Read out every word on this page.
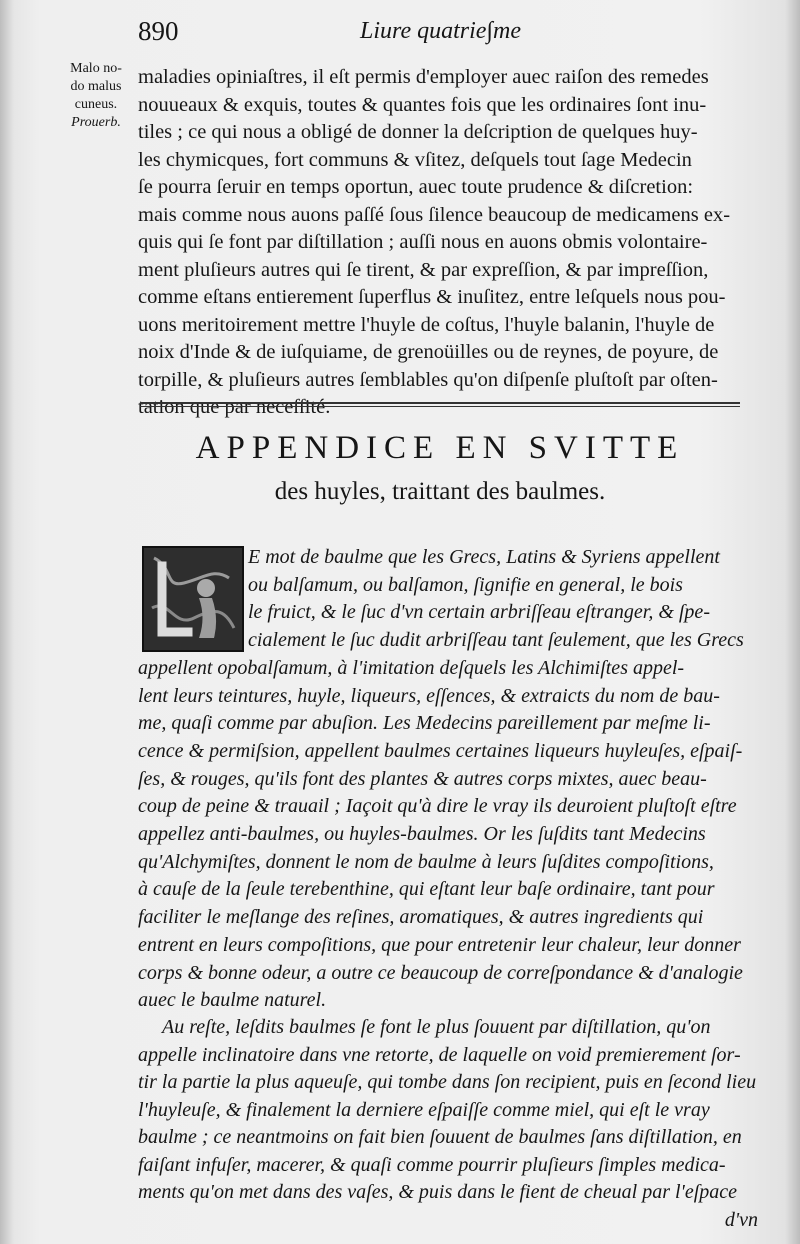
890	Liure quatrie∫me
Malo no-
do malus
cuneus.
Prouerb.

maladies opiniaſtres, il eſt permis d'employer auec raiſon des remedes
nouueaux & exquis, toutes & quantes fois que les ordinaires ſont inu-
tiles ; ce qui nous a obligé de donner la deſcription de quelques huy-
les chymicques, fort communs & vſitez, deſquels tout ſage Medecin
ſe pourra ſeruir en temps oportun, auec toute prudence & diſcretion:
mais comme nous auons paſſé ſous ſilence beaucoup de medicamens ex-
quis qui ſe font par diſtillation ; auſſi nous en auons obmis volontaire-
ment pluſieurs autres qui ſe tirent, & par expreſſion, & par impreſſion,
comme eſtans entierement ſuperflus & inuſitez, entre leſquels nous pou-
uons meritoirement mettre l'huyle de coſtus, l'huyle balanin, l'huyle de
noix d'Inde & de iuſquiame, de grenoüilles ou de reynes, de poyure, de
torpille, & pluſieurs autres ſemblables qu'on diſpenſe pluſtoſt par oſten-
tation que par neceſſité.

APPENDICE EN SVITTE
des huyles, traittant des baulmes.

E mot de baulme que les Grecs, Latins & Syriens appellent
ou balſamum, ou balſamon, ſignifie en general, le bois
le fruict, & le ſuc d'vn certain arbriſſeau eſtranger, & ſpe-
cialement le ſuc dudit arbriſſeau tant ſeulement, que les Grecs
appellent opobalſamum, à l'imitation deſquels les Alchimiſtes appel-
lent leurs teintures, huyle, liqueurs, eſſences, & extraicts du nom de bau-
me, quaſi comme par abuſion. Les Medecins pareillement par meſme li-
cence & permiſsion, appellent baulmes certaines liqueurs huyleuſes, eſpaiſ-
ſes, & rouges, qu'ils font des plantes & autres corps mixtes, auec beau-
coup de peine & trauail ; Iaçoit qu'à dire le vray ils deuroient pluſtoſt eſtre
appellez anti-baulmes, ou huyles-baulmes. Or les ſuſdits tant Medecins
qu'Alchymiſtes, donnent le nom de baulme à leurs ſuſdites compoſitions,
à cauſe de la ſeule terebenthine, qui eſtant leur baſe ordinaire, tant pour
faciliter le meſlange des reſines, aromatiques, & autres ingredients qui
entrent en leurs compoſitions, que pour entretenir leur chaleur, leur donner
corps & bonne odeur, a outre ce beaucoup de correſpondance & d'analogie
auec le baulme naturel.

Au reſte, leſdits baulmes ſe font le plus ſouuent par diſtillation, qu'on
appelle inclinatoire dans vne retorte, de laquelle on void premierement ſor-
tir la partie la plus aqueuſe, qui tombe dans ſon recipient, puis en ſecond lieu
l'huyleuſe, & finalement la derniere eſpaiſſe comme miel, qui eſt le vray
baulme ; ce neantmoins on fait bien ſouuent de baulmes ſans diſtillation, en
faiſant infuſer, macerer, & quaſi comme pourrir pluſieurs ſimples medica-
ments qu'on met dans des vaſes, & puis dans le fient de cheual par l'eſpace
d'vn
